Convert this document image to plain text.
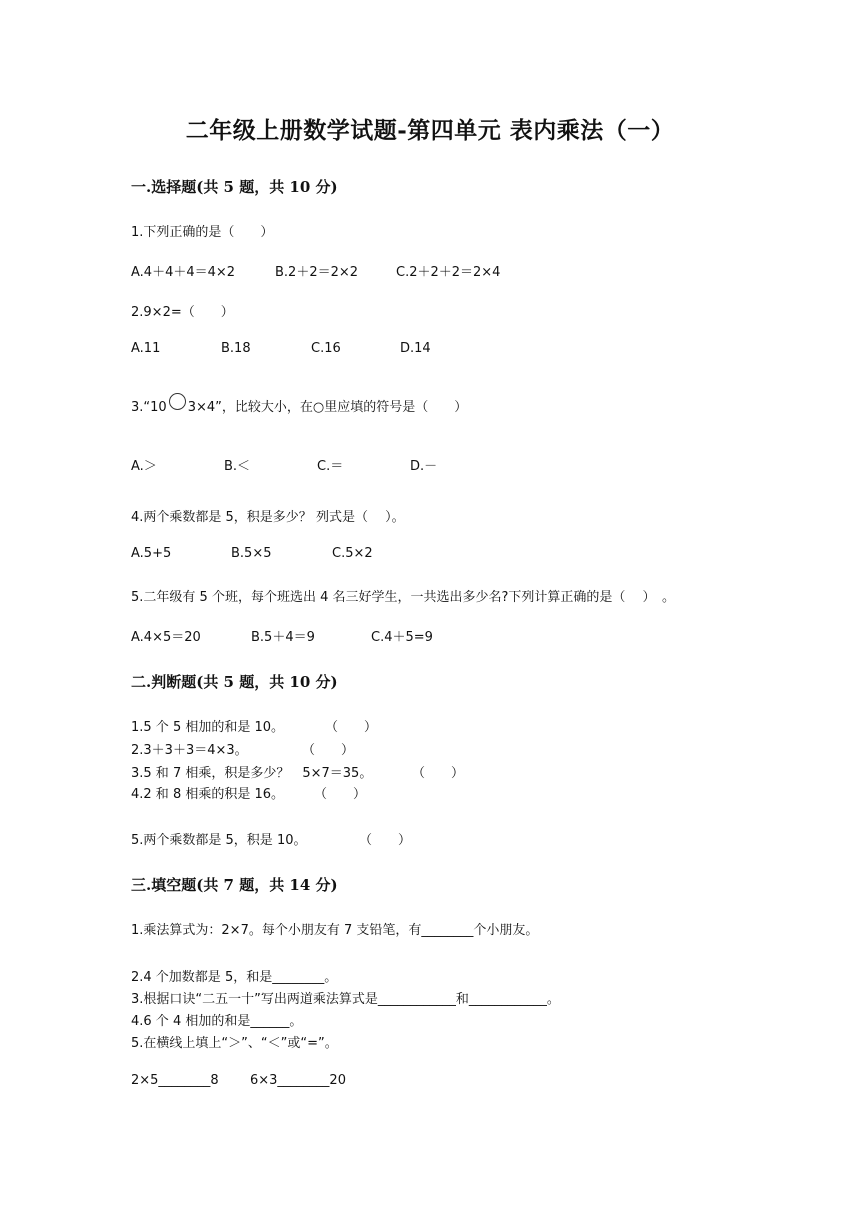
二年级上册数学试题-第四单元 表内乘法（一）
一.选择题(共 5 题，共 10 分)
1.下列正确的是（　　）
A.4＋4＋4＝4×2	B.2＋2＝2×2	C.2＋2＋2＝2×4
2.9×2=（　　）
A.11	B.18	C.16	D.14
3.“10 3×4”，比较大小，在○里应填的符号是（　　）
A.＞	B.＜	C.＝	D.－
4.两个乘数都是 5，积是多少？ 列式是（　 ）。
A.5+5	B.5×5	C.5×2
5.二年级有 5 个班，每个班选出 4 名三好学生，一共选出多少名?下列计算正确的是（　 ）　。
A.4×5＝20	B.5＋4＝9	C.4＋5=9
二.判断题(共 5 题，共 10 分)
1.5 个 5 相加的和是 10。	（　　）
2.3＋3＋3＝4×3。	（　　）
3.5 和 7 相乘，积是多少？　5×7＝35。	（　　）
4.2 和 8 相乘的积是 16。 （　　）
5.两个乘数都是 5，积是 10。	（　　）
三.填空题(共 7 题，共 14 分)
1.乘法算式为：2×7。每个小朋友有 7 支铅笔，有________个小朋友。
2.4 个加数都是 5，和是________。
3.根据口诀“二五一十”写出两道乘法算式是____________和____________。
4.6 个 4 相加的和是______。
5.在横线上填上“＞”、“＜”或“=”。
2×5________8 6×3________20
